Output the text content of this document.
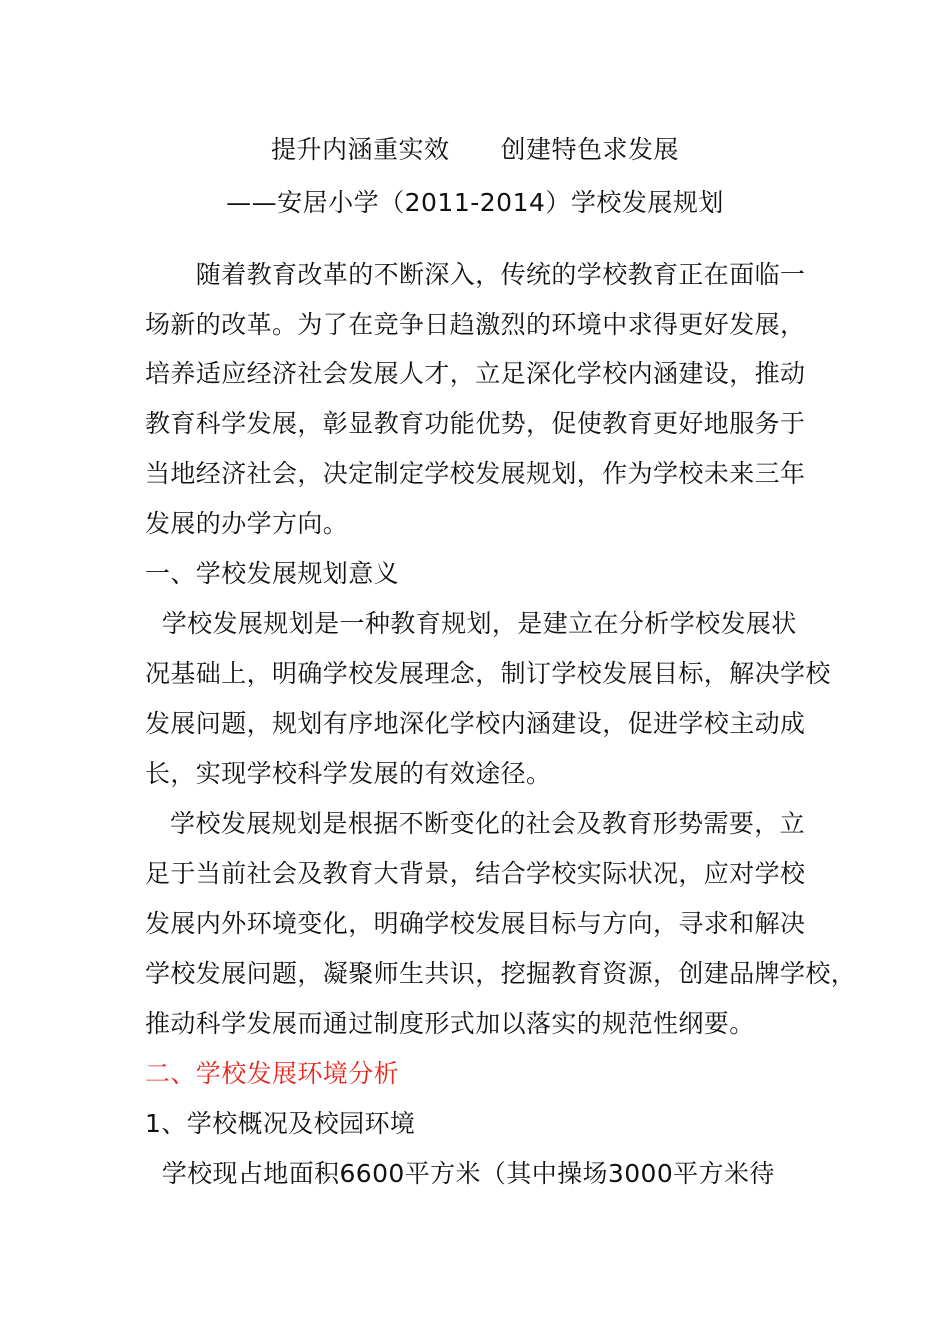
提升内涵重实效　　创建特色求发展
——安居小学（2011-2014）学校发展规划
　　随着教育改革的不断深入，传统的学校教育正在面临一
场新的改革。为了在竞争日趋激烈的环境中求得更好发展，
培养适应经济社会发展人才，立足深化学校内涵建设，推动
教育科学发展，彰显教育功能优势，促使教育更好地服务于
当地经济社会，决定制定学校发展规划，作为学校未来三年
发展的办学方向。
一、学校发展规划意义
学校发展规划是一种教育规划，是建立在分析学校发展状
况基础上，明确学校发展理念，制订学校发展目标，解决学校
发展问题，规划有序地深化学校内涵建设，促进学校主动成
长，实现学校科学发展的有效途径。
学校发展规划是根据不断变化的社会及教育形势需要，立
足于当前社会及教育大背景，结合学校实际状况，应对学校
发展内外环境变化，明确学校发展目标与方向，寻求和解决
学校发展问题，凝聚师生共识，挖掘教育资源，创建品牌学校，
推动科学发展而通过制度形式加以落实的规范性纲要。
二、学校发展环境分析
1、学校概况及校园环境
学校现占地面积6600平方米（其中操场3000平方米待
